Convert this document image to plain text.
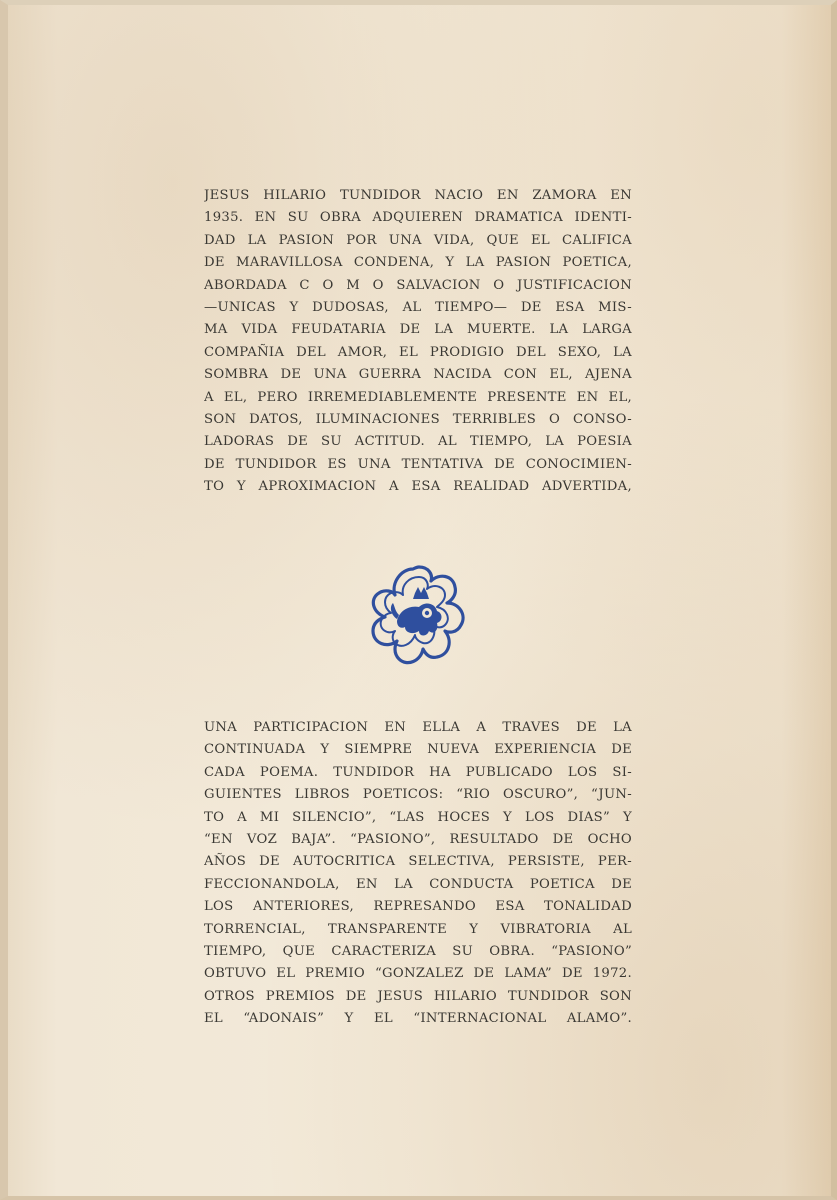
JESUS HILARIO TUNDIDOR NACIO EN ZAMORA EN
1935. EN SU OBRA ADQUIEREN DRAMATICA IDENTI-
DAD LA PASION POR UNA VIDA, QUE EL CALIFICA
DE MARAVILLOSA CONDENA, Y LA PASION POETICA,
ABORDADA C O M O SALVACION O JUSTIFICACION
—UNICAS Y DUDOSAS, AL TIEMPO— DE ESA MIS-
MA VIDA FEUDATARIA DE LA MUERTE. LA LARGA
COMPAÑIA DEL AMOR, EL PRODIGIO DEL SEXO, LA
SOMBRA DE UNA GUERRA NACIDA CON EL, AJENA
A EL, PERO IRREMEDIABLEMENTE PRESENTE EN EL,
SON DATOS, ILUMINACIONES TERRIBLES O CONSO-
LADORAS DE SU ACTITUD. AL TIEMPO, LA POESIA
DE TUNDIDOR ES UNA TENTATIVA DE CONOCIMIEN-
TO Y APROXIMACION A ESA REALIDAD ADVERTIDA,
UNA PARTICIPACION EN ELLA A TRAVES DE LA
CONTINUADA Y SIEMPRE NUEVA EXPERIENCIA DE
CADA POEMA. TUNDIDOR HA PUBLICADO LOS SI-
GUIENTES LIBROS POETICOS: “RIO OSCURO”, “JUN-
TO A MI SILENCIO”, “LAS HOCES Y LOS DIAS” Y
“EN VOZ BAJA”. “PASIONO”, RESULTADO DE OCHO
AÑOS DE AUTOCRITICA SELECTIVA, PERSISTE, PER-
FECCIONANDOLA, EN LA CONDUCTA POETICA DE
LOS ANTERIORES, REPRESANDO ESA TONALIDAD
TORRENCIAL, TRANSPARENTE Y VIBRATORIA AL
TIEMPO, QUE CARACTERIZA SU OBRA. “PASIONO”
OBTUVO EL PREMIO “GONZALEZ DE LAMA” DE 1972.
OTROS PREMIOS DE JESUS HILARIO TUNDIDOR SON
EL “ADONAIS” Y EL “INTERNACIONAL ALAMO”.
